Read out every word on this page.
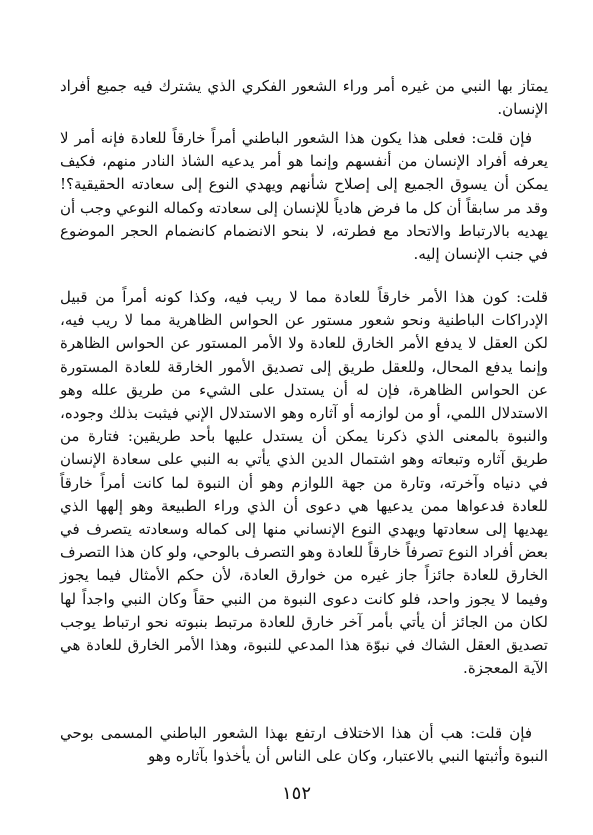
يمتاز بها النبي من غيره أمر وراء الشعور الفكري الذي يشترك فيه جميع أفراد الإنسان.

فإن قلت: فعلى هذا يكون هذا الشعور الباطني أمراً خارقاً للعادة فإنه أمر لا يعرفه أفراد الإنسان من أنفسهم وإنما هو أمر يدعيه الشاذ النادر منهم، فكيف يمكن أن يسوق الجميع إلى إصلاح شأنهم ويهدي النوع إلى سعادته الحقيقية؟! وقد مر سابقاً أن كل ما فرض هادياً للإنسان إلى سعادته وكماله النوعي وجب أن يهديه بالارتباط والاتحاد مع فطرته، لا بنحو الانضمام كانضمام الحجر الموضوع في جنب الإنسان إليه.

قلت: كون هذا الأمر خارقاً للعادة مما لا ريب فيه، وكذا كونه أمراً من قبيل الإدراكات الباطنية ونحو شعور مستور عن الحواس الظاهرية مما لا ريب فيه، لكن العقل لا يدفع الأمر الخارق للعادة ولا الأمر المستور عن الحواس الظاهرة وإنما يدفع المحال، وللعقل طريق إلى تصديق الأمور الخارقة للعادة المستورة عن الحواس الظاهرة، فإن له أن يستدل على الشيء من طريق علله وهو الاستدلال اللمي، أو من لوازمه أو آثاره وهو الاستدلال الإني فيثبت بذلك وجوده، والنبوة بالمعنى الذي ذكرنا يمكن أن يستدل عليها بأحد طريقين: فتارة من طريق آثاره وتبعاته وهو اشتمال الدين الذي يأتي به النبي على سعادة الإنسان في دنياه وآخرته، وتارة من جهة اللوازم وهو أن النبوة لما كانت أمراً خارقاً للعادة فدعواها ممن يدعيها هي دعوى أن الذي وراء الطبيعة وهو إلهها الذي يهديها إلى سعادتها ويهدي النوع الإنساني منها إلى كماله وسعادته يتصرف في بعض أفراد النوع تصرفاً خارقاً للعادة وهو التصرف بالوحي، ولو كان هذا التصرف الخارق للعادة جائزاً جاز غيره من خوارق العادة، لأن حكم الأمثال فيما يجوز وفيما لا يجوز واحد، فلو كانت دعوى النبوة من النبي حقاً وكان النبي واجداً لها لكان من الجائز أن يأتي بأمر آخر خارق للعادة مرتبط بنبوته نحو ارتباط يوجب تصديق العقل الشاك في نبوّة هذا المدعي للنبوة، وهذا الأمر الخارق للعادة هي الآية المعجزة.

فإن قلت: هب أن هذا الاختلاف ارتفع بهذا الشعور الباطني المسمى بوحي النبوة وأثبتها النبي بالاعتبار، وكان على الناس أن يأخذوا بآثاره وهو

١٥٢
